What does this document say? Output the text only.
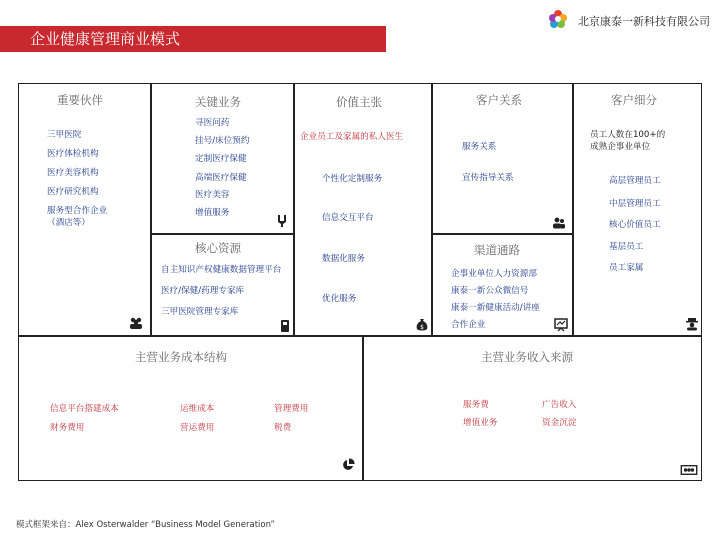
企业健康管理商业模式
北京康泰一新科技有限公司
重要伙伴
三甲医院
医疗体检机构
医疗美容机构
医疗研究机构
服务型合作企业
（酒店等）
关键业务
寻医问药
挂号/床位预约
定制医疗保健
高端医疗保健
医疗美容
增值服务
核心资源
自主知识产权健康数据管理平台
医疗/保健/药理专家库
三甲医院管理专家库
价值主张
企业员工及家属的私人医生
个性化定制服务
信息交互平台
数据化服务
优化服务
$
客户关系
服务关系
宣传指导关系
渠道通路
企事业单位人力资源部
康泰一新公众微信号
康泰一新健康活动/讲座
合作企业
客户细分
员工人数在100+的
成熟企事业单位
高层管理员工
中层管理员工
核心价值员工
基层员工
员工家属
主营业务成本结构
信息平台搭建成本	运维成本	管理费用
财务费用	营运费用	税费
主营业务收入来源
服务费	广告收入
增值业务	资金沉淀
模式框架来自：Alex Osterwalder “Business Model Generation”
